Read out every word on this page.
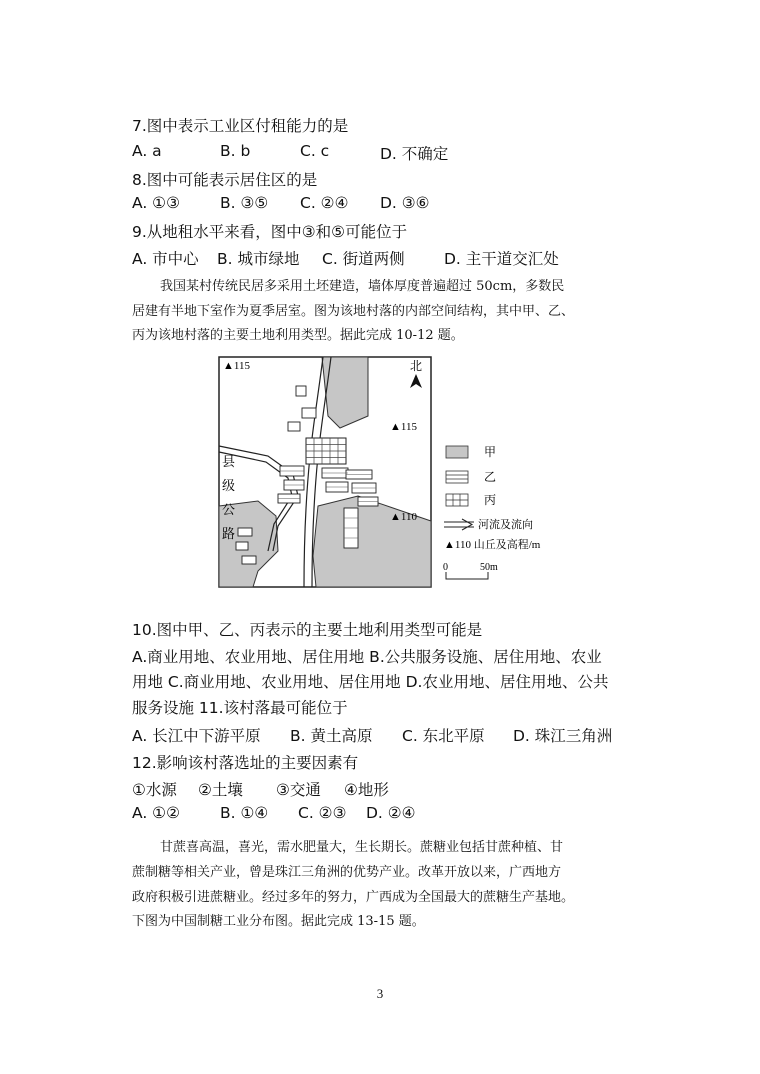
7.图中表示工业区付租能力的是
A. a	B. b	C. c	D. 不确定
8.图中可能表示居住区的是
A. ①③	B. ③⑤ C. ②④ D. ③⑥
9.从地租水平来看，图中③和⑤可能位于
A. 市中心 B. 城市绿地 C. 街道两侧	D. 主干道交汇处
我国某村传统民居多采用土坯建造，墙体厚度普遍超过 50cm，多数民
居建有半地下室作为夏季居室。图为该地村落的内部空间结构，其中甲、乙、
丙为该地村落的主要土地利用类型。据此完成 10-12 题。
▲115
▲115
▲110
县
级
公
路
北
甲
乙
丙
河流及流向
▲110 山丘及高程/m
0	50m
10.图中甲、乙、丙表示的主要土地利用类型可能是
A.商业用地、农业用地、居住用地 B.公共服务设施、居住用地、农业
用地 C.商业用地、农业用地、居住用地 D.农业用地、居住用地、公共
服务设施 11.该村落最可能位于
A. 长江中下游平原 B. 黄土高原 C. 东北平原 D. 珠江三角洲
12.影响该村落选址的主要因素有
①水源 ②土壤 ③交通 ④地形
A. ①②	B. ①④ C. ②③ D. ②④
甘蔗喜高温，喜光，需水肥量大，生长期长。蔗糖业包括甘蔗种植、甘
蔗制糖等相关产业，曾是珠江三角洲的优势产业。改革开放以来，广西地方
政府积极引进蔗糖业。经过多年的努力，广西成为全国最大的蔗糖生产基地。
下图为中国制糖工业分布图。据此完成 13-15 题。
3
